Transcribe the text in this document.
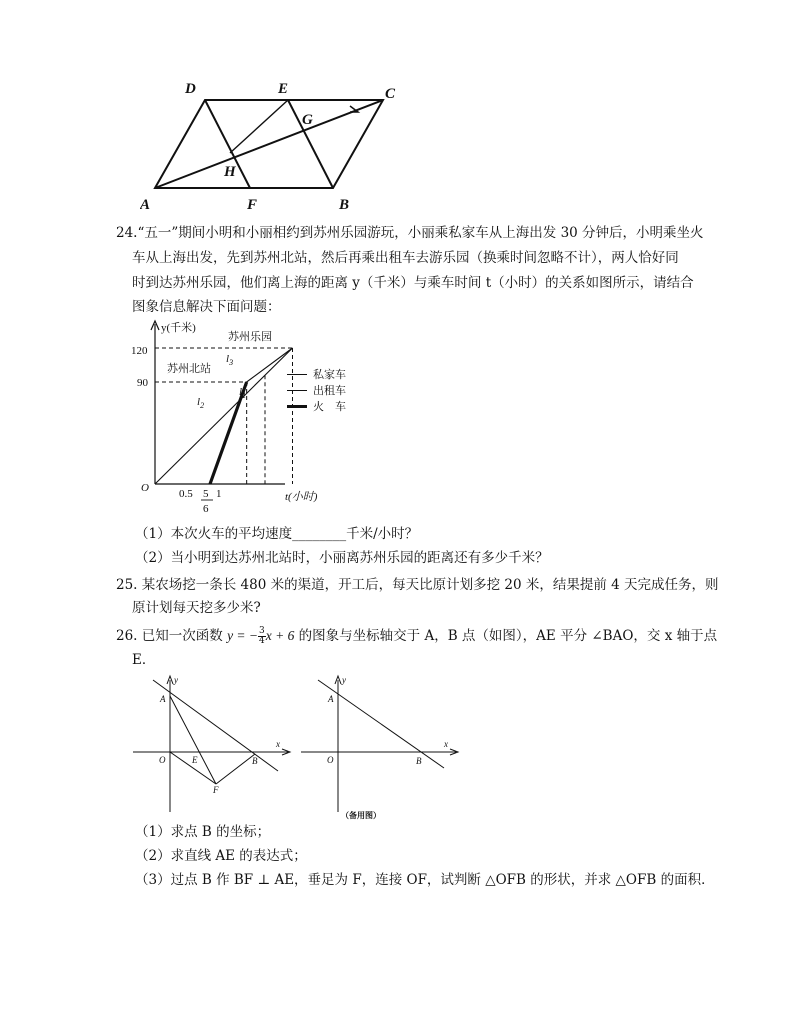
D	E	C
G
H
A	F	B
24.“五一”期间小明和小丽相约到苏州乐园游玩，小丽乘私家车从上海出发 30 分钟后，小明乘坐火
车从上海出发，先到苏州北站，然后再乘出租车去游乐园（换乘时间忽略不计），两人恰好同
时到达苏州乐园，他们离上海的距离 y（千米）与乘车时间 t（小时）的关系如图所示，请结合
图象信息解决下面问题：
y(千米)
120
90
O	0.5 5
6
1
苏州乐园
苏州北站
$l_3$
$l_1$
$l_2$
t(小时)
私家车
出租车
火　车
（1）本次火车的平均速度________千米/小时？
（2）当小明到达苏州北站时，小丽离苏州乐园的距离还有多少千米？
25. 某农场挖一条长 480 米的渠道，开工后，每天比原计划多挖 20 米，结果提前 4 天完成任务，则
原计划每天挖多少米?
26. 已知一次函数 y = − $\frac{3}{4}$ x + 6 的图象与坐标轴交于 A，B 点（如图），AE 平分 ∠BAO，交 x 轴于点
E．
y
x
A
O	E	B
F
y
x
A
O	B
（备用图）
（1）求点 B 的坐标；
（2）求直线 AE 的表达式；
（3）过点 B 作 BF ⊥ AE，垂足为 F，连接 OF，试判断 △OFB 的形状，并求 △OFB 的面积．
